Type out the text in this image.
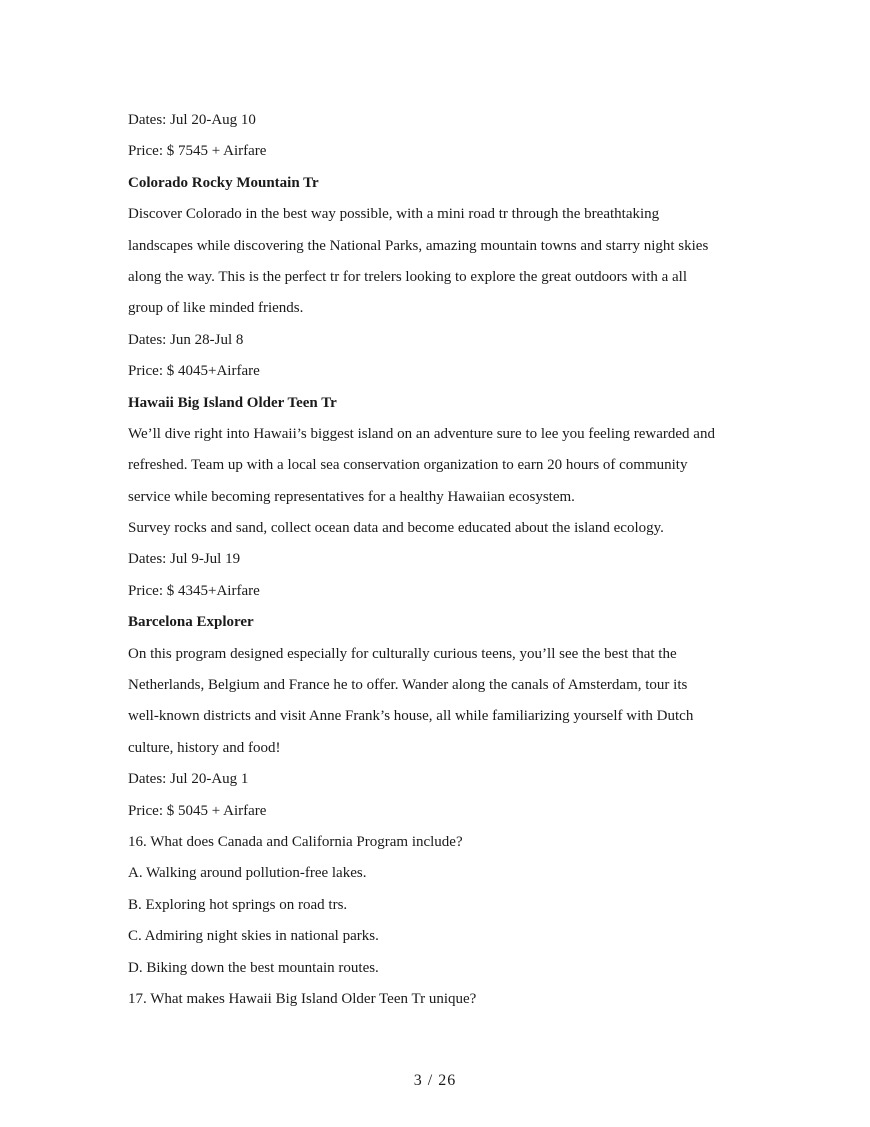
Dates: Jul 20-Aug 10
Price: $ 7545 + Airfare
Colorado Rocky Mountain Tr
Discover Colorado in the best way possible, with a mini road tr through the breathtaking
landscapes while discovering the National Parks, amazing mountain towns and starry night skies
along the way. This is the perfect tr for trelers looking to explore the great outdoors with a all
group of like minded friends.
Dates: Jun 28-Jul 8
Price: $ 4045+Airfare
Hawaii Big Island Older Teen Tr
We’ll dive right into Hawaii’s biggest island on an adventure sure to lee you feeling rewarded and
refreshed. Team up with a local sea conservation organization to earn 20 hours of community
service while becoming representatives for a healthy Hawaiian ecosystem.
Survey rocks and sand, collect ocean data and become educated about the island ecology.
Dates: Jul 9-Jul 19
Price: $ 4345+Airfare
Barcelona Explorer
On this program designed especially for culturally curious teens, you’ll see the best that the
Netherlands, Belgium and France he to offer. Wander along the canals of Amsterdam, tour its
well-known districts and visit Anne Frank’s house, all while familiarizing yourself with Dutch
culture, history and food!
Dates: Jul 20-Aug 1
Price: $ 5045 + Airfare
16. What does Canada and California Program include?
A. Walking around pollution-free lakes.
B. Exploring hot springs on road trs.
C. Admiring night skies in national parks.
D. Biking down the best mountain routes.
17. What makes Hawaii Big Island Older Teen Tr unique?
3 / 26
